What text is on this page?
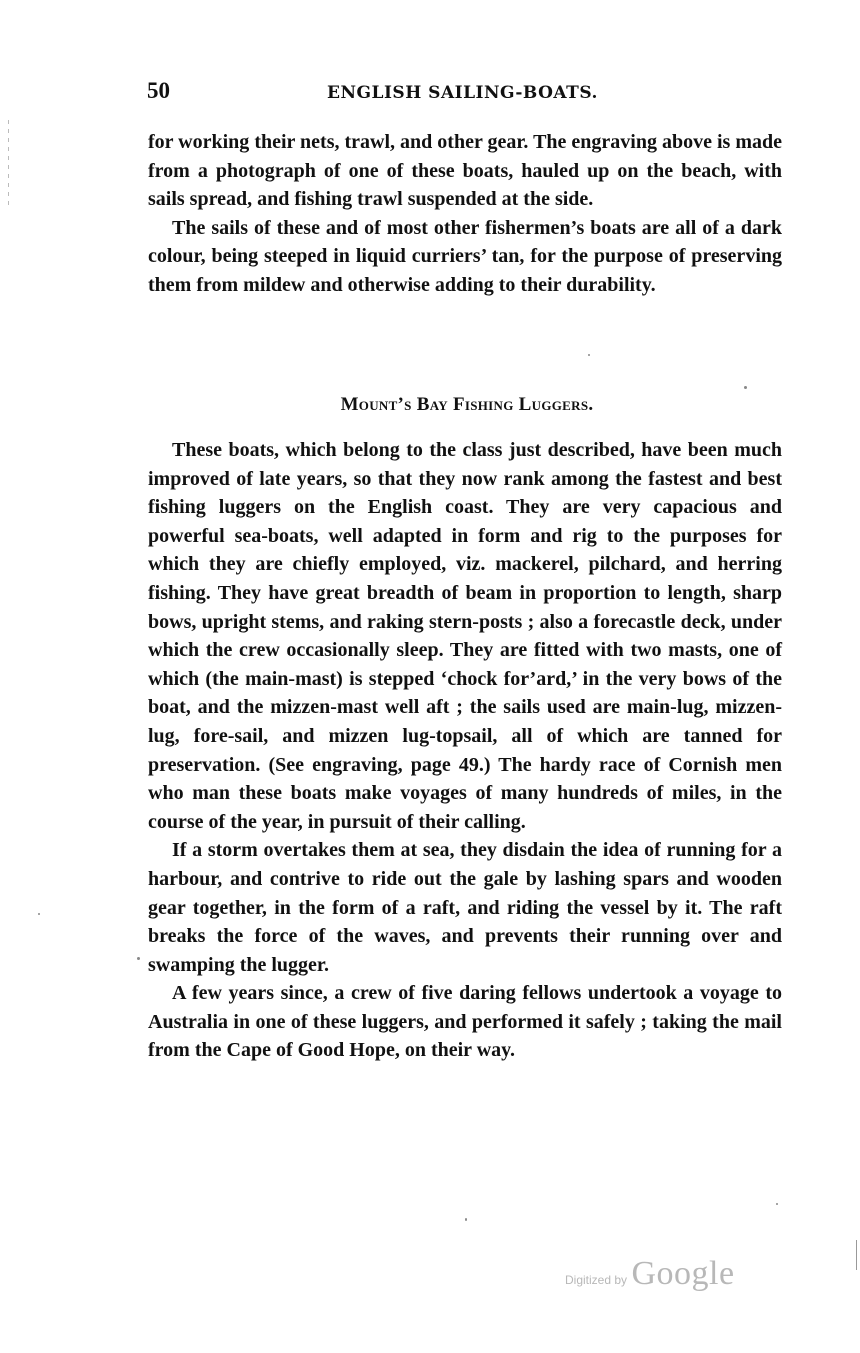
50	ENGLISH SAILING-BOATS.

for working their nets, trawl, and other gear. The engraving above is made from a photograph of one of these boats, hauled up on the beach, with sails spread, and fishing trawl suspended at the side.

The sails of these and of most other fishermen’s boats are all of a dark colour, being steeped in liquid curriers’ tan, for the purpose of preserving them from mildew and otherwise adding to their durability.

Mount’s Bay Fishing Luggers.

These boats, which belong to the class just described, have been much improved of late years, so that they now rank among the fastest and best fishing luggers on the English coast. They are very capacious and powerful sea-boats, well adapted in form and rig to the purposes for which they are chiefly employed, viz. mackerel, pilchard, and herring fishing. They have great breadth of beam in proportion to length, sharp bows, upright stems, and raking stern-posts ; also a forecastle deck, under which the crew occasionally sleep. They are fitted with two masts, one of which (the main-mast) is stepped ‘chock for’ard,’ in the very bows of the boat, and the mizzen-mast well aft ; the sails used are main-lug, mizzen-lug, fore-sail, and mizzen lug-topsail, all of which are tanned for preservation. (See engraving, page 49.) The hardy race of Cornish men who man these boats make voyages of many hundreds of miles, in the course of the year, in pursuit of their calling.

If a storm overtakes them at sea, they disdain the idea of running for a harbour, and contrive to ride out the gale by lashing spars and wooden gear together, in the form of a raft, and riding the vessel by it. The raft breaks the force of the waves, and prevents their running over and swamping the lugger.

A few years since, a crew of five daring fellows undertook a voyage to Australia in one of these luggers, and performed it safely ; taking the mail from the Cape of Good Hope, on their way.

Digitized by Google
